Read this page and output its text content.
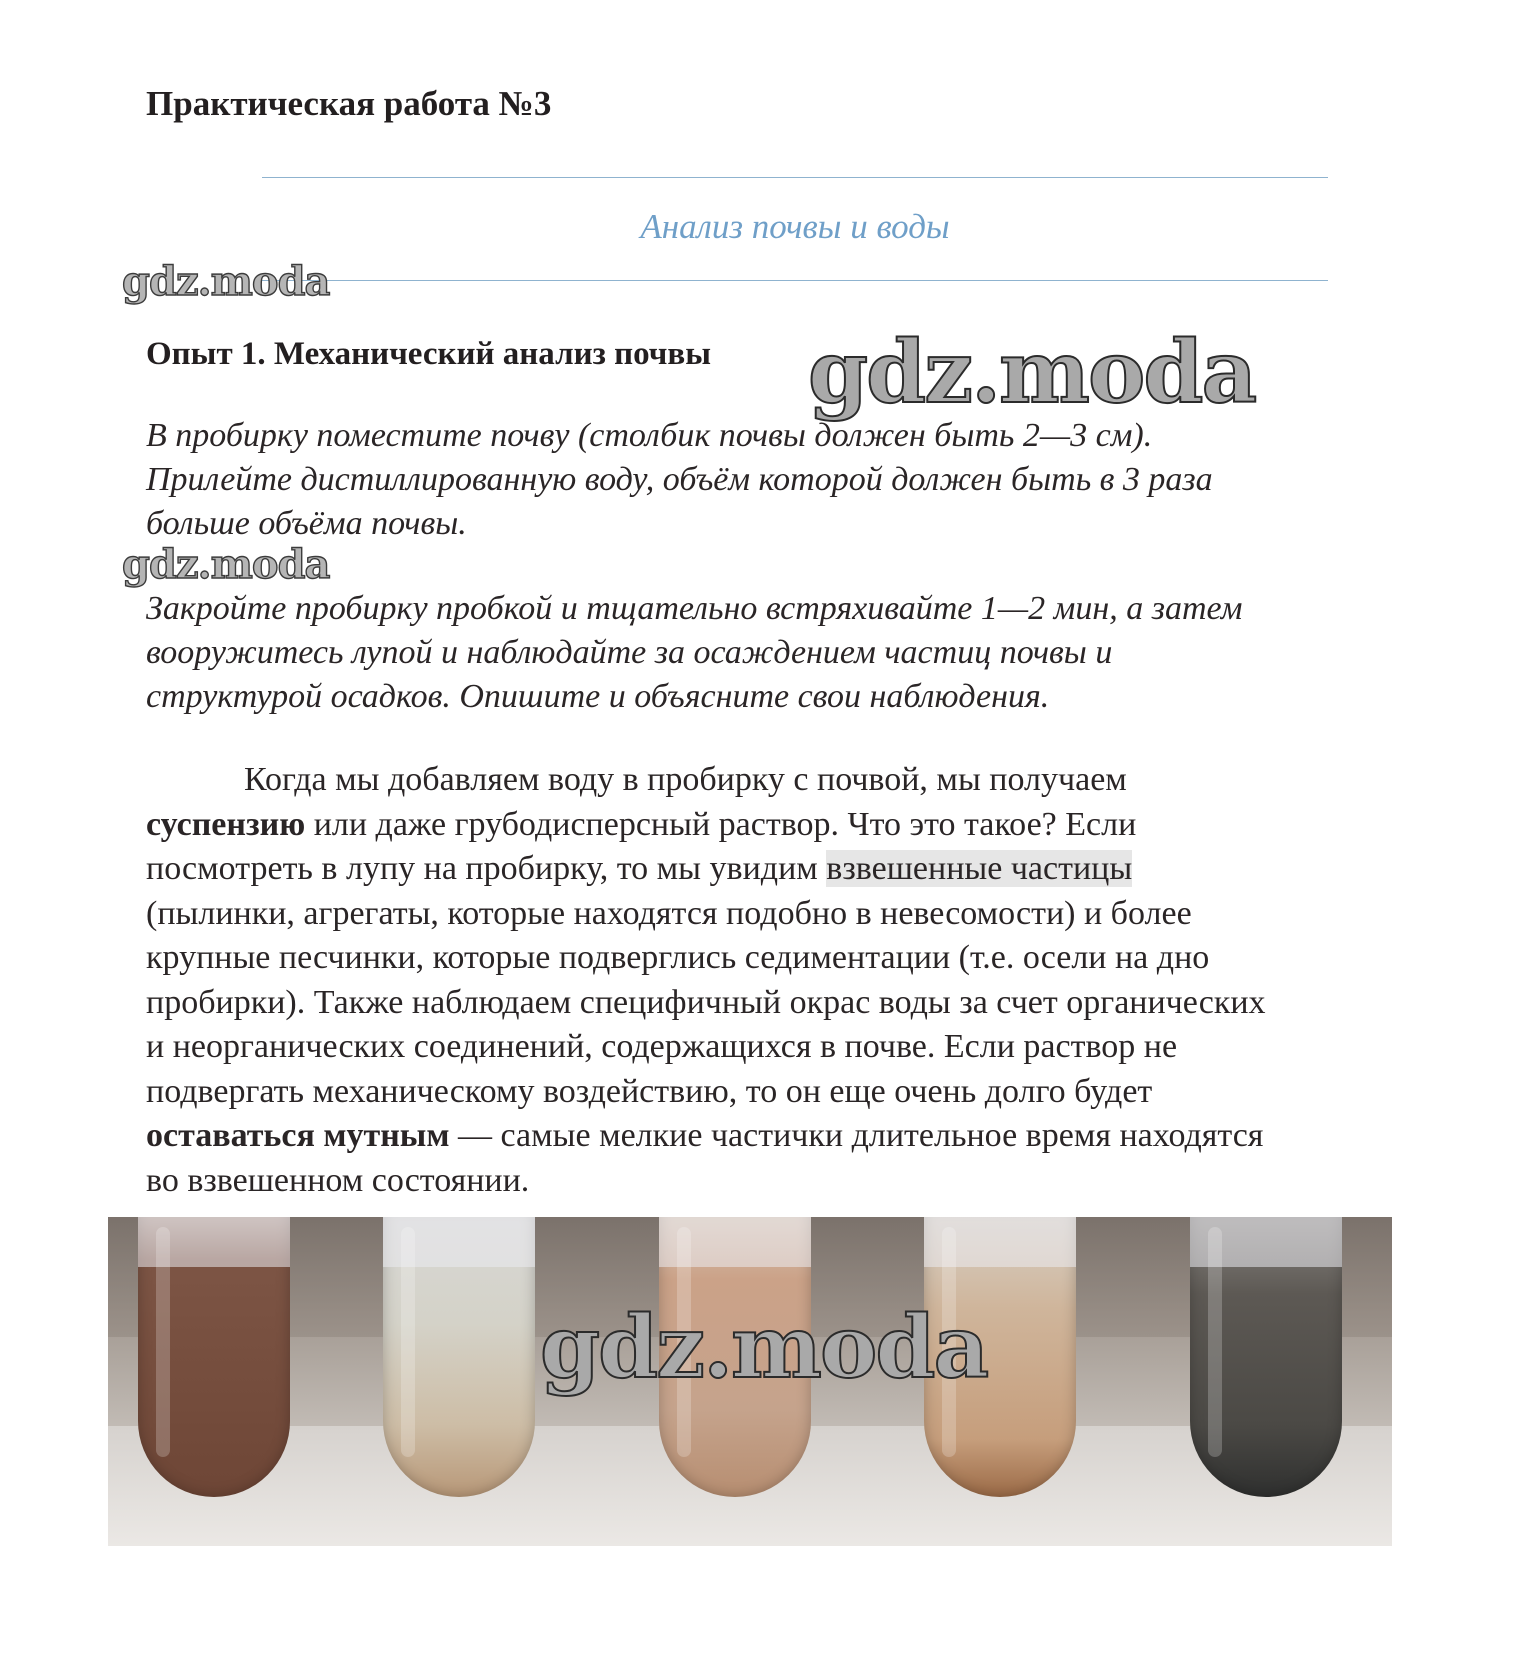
Практическая работа №3

Анализ почвы и воды

gdz.moda
Опыт 1. Механический анализ почвы gdz.moda

В пробирку поместите почву (столбик почвы должен быть 2—3 см).
Прилейте дистиллированную воду, объём которой должен быть в 3 раза
больше объёма почвы.

gdz.moda

Закройте пробирку пробкой и тщательно встряхивайте 1—2 мин, а затем
вооружитесь лупой и наблюдайте за осаждением частиц почвы и
структурой осадков. Опишите и объясните свои наблюдения.

Когда мы добавляем воду в пробирку с почвой, мы получаем
суспензию или даже грубодисперсный раствор. Что это такое? Если
посмотреть в лупу на пробирку, то мы увидим взвешенные частицы
(пылинки, агрегаты, которые находятся подобно в невесомости) и более
крупные песчинки, которые подверглись седиментации (т.е. осели на дно
пробирки). Также наблюдаем специфичный окрас воды за счет органических
и неорганических соединений, содержащихся в почве. Если раствор не
подвергать механическому воздействию, то он еще очень долго будет
оставаться мутным — самые мелкие частички длительное время находятся
во взвешенном состоянии.

gdz.moda
